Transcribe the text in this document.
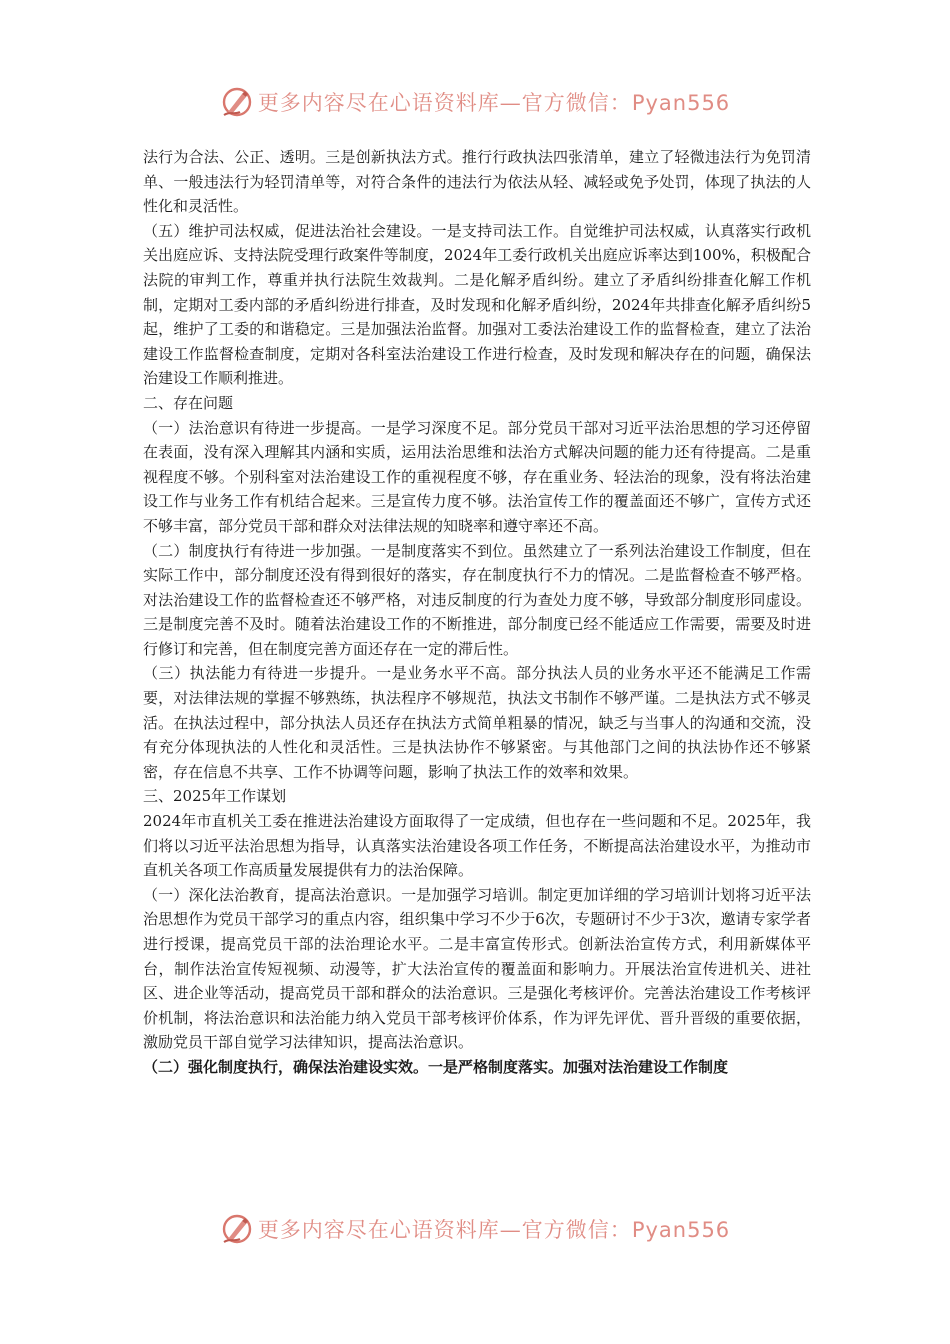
更多内容尽在心语资料库—官方微信：Pyan556

法行为合法、公正、透明。三是创新执法方式。推行行政执法四张清单，建立了轻微违法行为免罚清单、一般违法行为轻罚清单等，对符合条件的违法行为依法从轻、减轻或免予处罚，体现了执法的人性化和灵活性。

（五）维护司法权威，促进法治社会建设。一是支持司法工作。自觉维护司法权威，认真落实行政机关出庭应诉、支持法院受理行政案件等制度，2024年工委行政机关出庭应诉率达到100%，积极配合法院的审判工作，尊重并执行法院生效裁判。二是化解矛盾纠纷。建立了矛盾纠纷排查化解工作机制，定期对工委内部的矛盾纠纷进行排查，及时发现和化解矛盾纠纷，2024年共排查化解矛盾纠纷5起，维护了工委的和谐稳定。三是加强法治监督。加强对工委法治建设工作的监督检查，建立了法治建设工作监督检查制度，定期对各科室法治建设工作进行检查，及时发现和解决存在的问题，确保法治建设工作顺利推进。

二、存在问题

（一）法治意识有待进一步提高。一是学习深度不足。部分党员干部对习近平法治思想的学习还停留在表面，没有深入理解其内涵和实质，运用法治思维和法治方式解决问题的能力还有待提高。二是重视程度不够。个别科室对法治建设工作的重视程度不够，存在重业务、轻法治的现象，没有将法治建设工作与业务工作有机结合起来。三是宣传力度不够。法治宣传工作的覆盖面还不够广，宣传方式还不够丰富，部分党员干部和群众对法律法规的知晓率和遵守率还不高。

（二）制度执行有待进一步加强。一是制度落实不到位。虽然建立了一系列法治建设工作制度，但在实际工作中，部分制度还没有得到很好的落实，存在制度执行不力的情况。二是监督检查不够严格。对法治建设工作的监督检查还不够严格，对违反制度的行为查处力度不够，导致部分制度形同虚设。三是制度完善不及时。随着法治建设工作的不断推进，部分制度已经不能适应工作需要，需要及时进行修订和完善，但在制度完善方面还存在一定的滞后性。

（三）执法能力有待进一步提升。一是业务水平不高。部分执法人员的业务水平还不能满足工作需要，对法律法规的掌握不够熟练，执法程序不够规范，执法文书制作不够严谨。二是执法方式不够灵活。在执法过程中，部分执法人员还存在执法方式简单粗暴的情况，缺乏与当事人的沟通和交流，没有充分体现执法的人性化和灵活性。三是执法协作不够紧密。与其他部门之间的执法协作还不够紧密，存在信息不共享、工作不协调等问题，影响了执法工作的效率和效果。

三、2025年工作谋划

2024年市直机关工委在推进法治建设方面取得了一定成绩，但也存在一些问题和不足。2025年，我们将以习近平法治思想为指导，认真落实法治建设各项工作任务，不断提高法治建设水平，为推动市直机关各项工作高质量发展提供有力的法治保障。

（一）深化法治教育，提高法治意识。一是加强学习培训。制定更加详细的学习培训计划将习近平法治思想作为党员干部学习的重点内容，组织集中学习不少于6次，专题研讨不少于3次，邀请专家学者进行授课，提高党员干部的法治理论水平。二是丰富宣传形式。创新法治宣传方式，利用新媒体平台，制作法治宣传短视频、动漫等，扩大法治宣传的覆盖面和影响力。开展法治宣传进机关、进社区、进企业等活动，提高党员干部和群众的法治意识。三是强化考核评价。完善法治建设工作考核评价机制，将法治意识和法治能力纳入党员干部考核评价体系，作为评先评优、晋升晋级的重要依据，激励党员干部自觉学习法律知识，提高法治意识。

（二）强化制度执行，确保法治建设实效。一是严格制度落实。加强对法治建设工作制度

更多内容尽在心语资料库—官方微信：Pyan556
